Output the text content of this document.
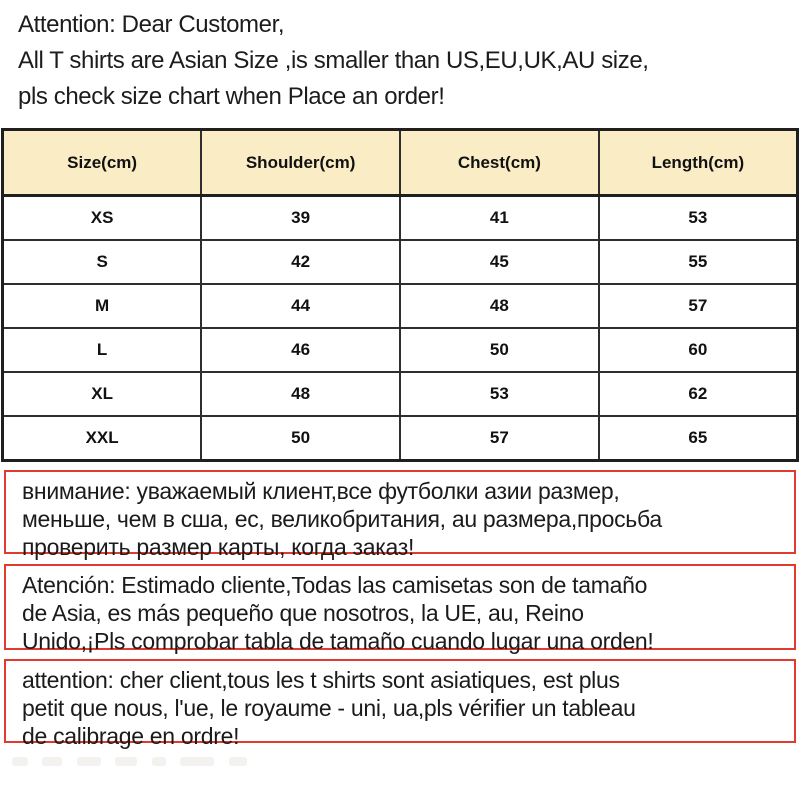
Attention: Dear Customer,
All T shirts are Asian Size ,is smaller than US,EU,UK,AU size,
pls check size chart when Place an order!
Size(cm)	Shoulder(cm)	Chest(cm)	Length(cm)
XS	39	41	53
S	42	45	55
M	44	48	57
L	46	50	60
XL	48	53	62
XXL	50	57	65
внимание: уважаемый клиент,все футболки азии размер,
меньше, чем в сша, ес, великобритания, au размера,просьба
проверить размер карты, когда заказ!
Atención: Estimado cliente,Todas las camisetas son de tamaño
de Asia, es más pequeño que nosotros, la UE, au, Reino
Unido,¡Pls comprobar tabla de tamaño cuando lugar una orden!
attention: cher client,tous les t shirts sont asiatiques, est plus
petit que nous, l'ue, le royaume - uni, ua,pls vérifier un tableau
de calibrage en ordre!
